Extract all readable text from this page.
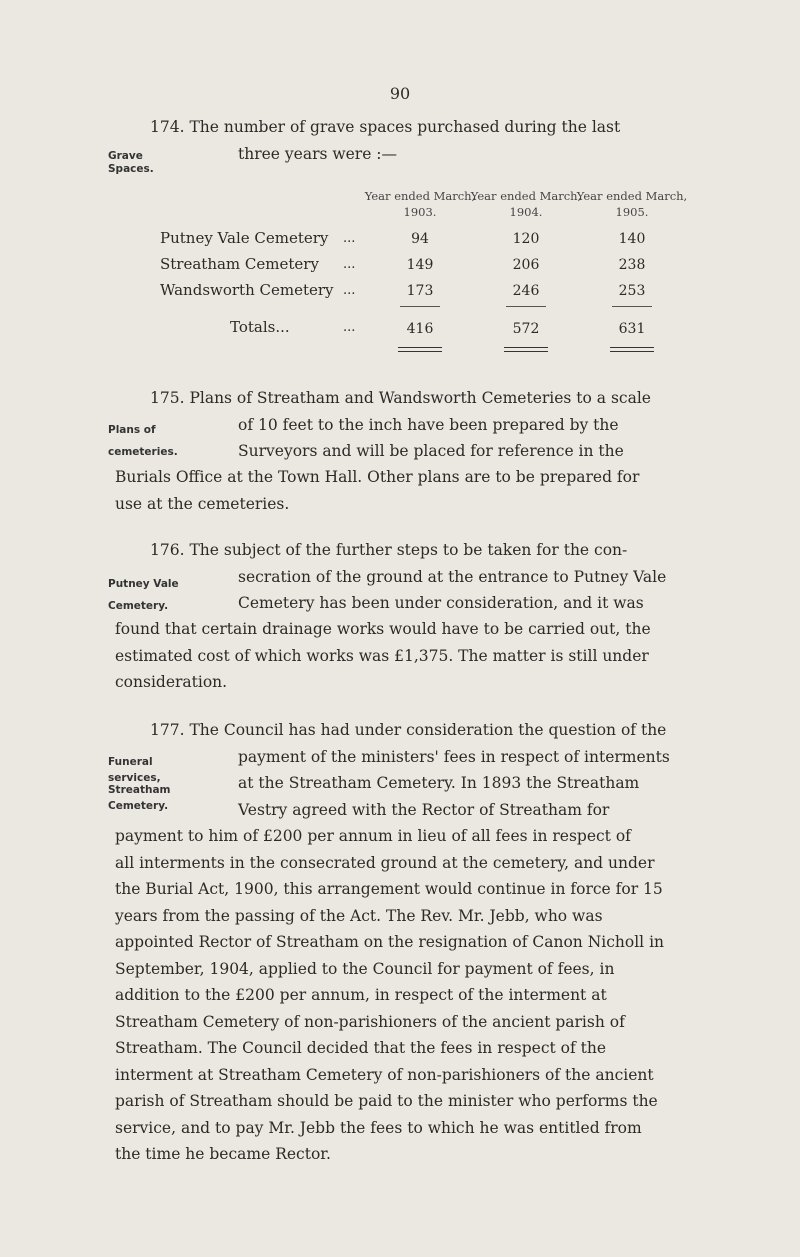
90
174. The number of grave spaces purchased during the last
three years were :—
Grave
Spaces.
Year ended March, 1903.
Year ended March, 1904.
Year ended March, 1905.
Putney Vale Cemetery ...	94	120	140
Streatham Cemetery ...	149	206	238
Wandsworth Cemetery ...	173	246	253
Totals...	...	416	572	631
175. Plans of Streatham and Wandsworth Cemeteries to a scale
of 10 feet to the inch have been prepared by the
Surveyors and will be placed for reference in the
Burials Office at the Town Hall. Other plans are to be prepared for
use at the cemeteries.
Plans of
cemeteries.
176. The subject of the further steps to be taken for the con-
secration of the ground at the entrance to Putney Vale
Cemetery has been under consideration, and it was
found that certain drainage works would have to be carried out, the
estimated cost of which works was £1,375. The matter is still under
consideration.
Putney Vale
Cemetery.
177. The Council has had under consideration the question of the
payment of the ministers' fees in respect of interments
at the Streatham Cemetery. In 1893 the Streatham
Vestry agreed with the Rector of Streatham for
payment to him of £200 per annum in lieu of all fees in respect of
all interments in the consecrated ground at the cemetery, and under
the Burial Act, 1900, this arrangement would continue in force for 15
years from the passing of the Act. The Rev. Mr. Jebb, who was
appointed Rector of Streatham on the resignation of Canon Nicholl in
September, 1904, applied to the Council for payment of fees, in
addition to the £200 per annum, in respect of the interment at
Streatham Cemetery of non-parishioners of the ancient parish of
Streatham. The Council decided that the fees in respect of the
interment at Streatham Cemetery of non-parishioners of the ancient
parish of Streatham should be paid to the minister who performs the
service, and to pay Mr. Jebb the fees to which he was entitled from
the time he became Rector.
Funeral
services,
Streatham
Cemetery.
